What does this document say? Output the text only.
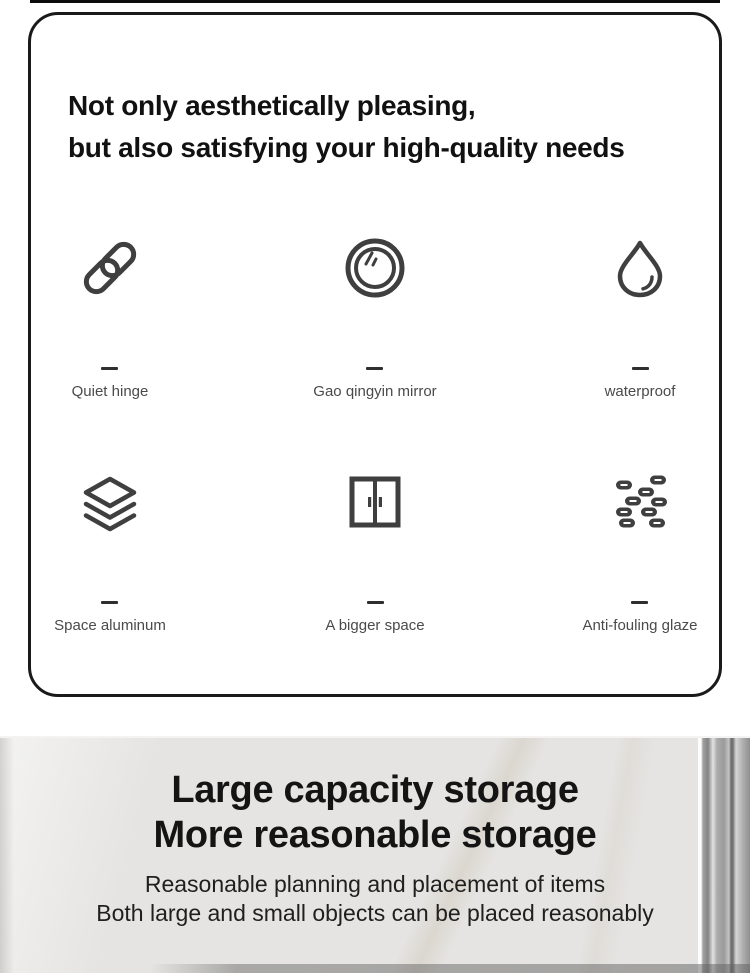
Not only aesthetically pleasing,
but also satisfying your high-quality needs
Quiet hinge	Gao qingyin mirror	waterproof
Space aluminum	A bigger space	Anti-fouling glaze
Large capacity storage
More reasonable storage
Reasonable planning and placement of items
Both large and small objects can be placed reasonably
